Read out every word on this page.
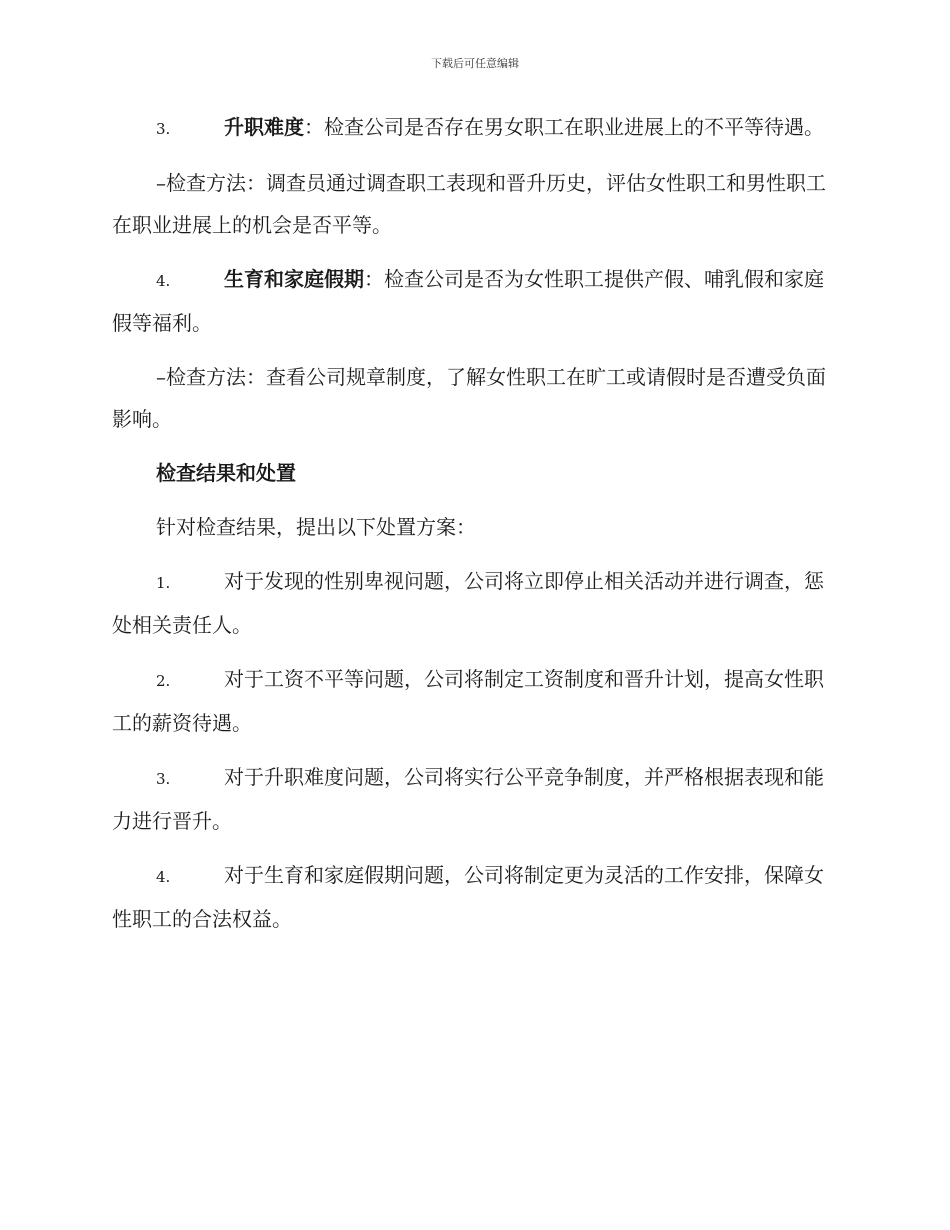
下载后可任意编辑

3.	升职难度：检查公司是否存在男女职工在职业进展上的不平等待遇。

–检查方法：调查员通过调查职工表现和晋升历史，评估女性职工和男性职工在职业进展上的机会是否平等。

4.	生育和家庭假期：检查公司是否为女性职工提供产假、哺乳假和家庭假等福利。

–检查方法：查看公司规章制度，了解女性职工在旷工或请假时是否遭受负面影响。

检查结果和处置

针对检查结果，提出以下处置方案：

1.	对于发现的性别卑视问题，公司将立即停止相关活动并进行调查，惩处相关责任人。

2.	对于工资不平等问题，公司将制定工资制度和晋升计划，提高女性职工的薪资待遇。

3.	对于升职难度问题，公司将实行公平竞争制度，并严格根据表现和能力进行晋升。

4.	对于生育和家庭假期问题，公司将制定更为灵活的工作安排，保障女性职工的合法权益。
